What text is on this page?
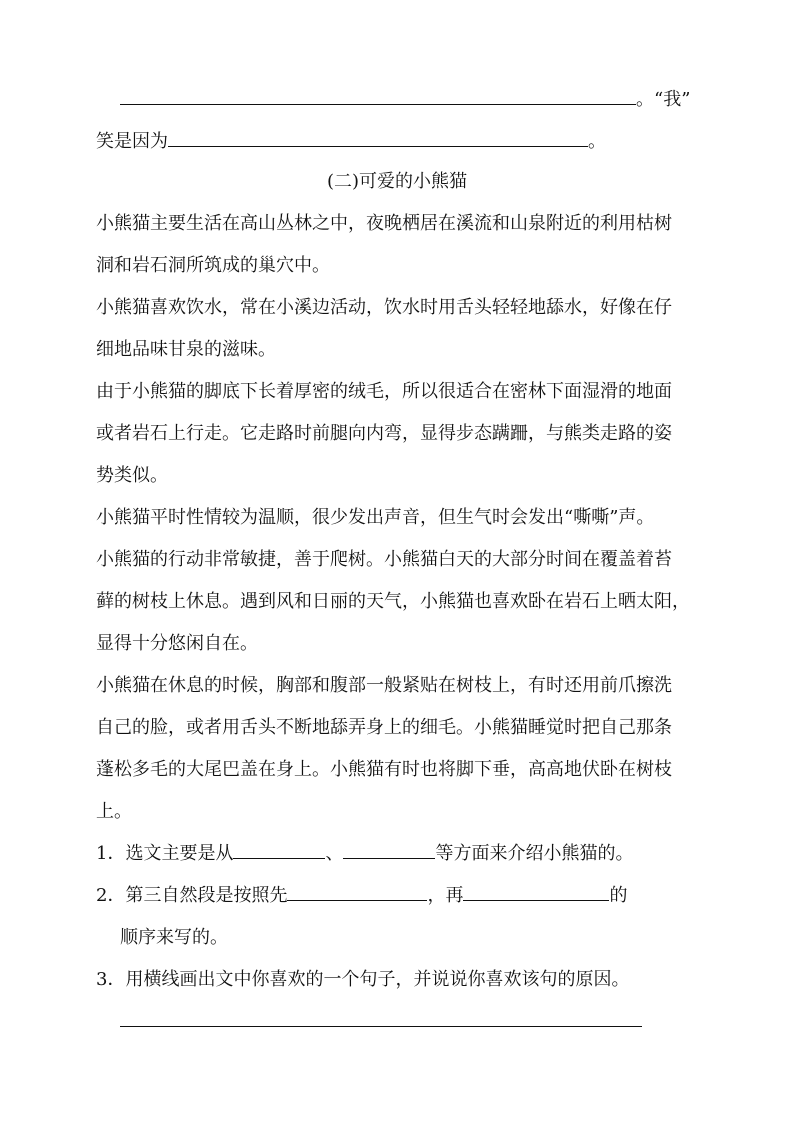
。“我”
笑是因为	。
(二)可爱的小熊猫
小熊猫主要生活在高山丛林之中，夜晚栖居在溪流和山泉附近的利用枯树
洞和岩石洞所筑成的巢穴中。
小熊猫喜欢饮水，常在小溪边活动，饮水时用舌头轻轻地舔水，好像在仔
细地品味甘泉的滋味。
由于小熊猫的脚底下长着厚密的绒毛，所以很适合在密林下面湿滑的地面
或者岩石上行走。它走路时前腿向内弯，显得步态蹒跚，与熊类走路的姿
势类似。
小熊猫平时性情较为温顺，很少发出声音，但生气时会发出“嘶嘶”声。
小熊猫的行动非常敏捷，善于爬树。小熊猫白天的大部分时间在覆盖着苔
藓的树枝上休息。遇到风和日丽的天气，小熊猫也喜欢卧在岩石上晒太阳，
显得十分悠闲自在。
小熊猫在休息的时候，胸部和腹部一般紧贴在树枝上，有时还用前爪擦洗
自己的脸，或者用舌头不断地舔弄身上的细毛。小熊猫睡觉时把自己那条
蓬松多毛的大尾巴盖在身上。小熊猫有时也将脚下垂，高高地伏卧在树枝
上。
1．选文主要是从	、	等方面来介绍小熊猫的。
2．第三自然段是按照先	，再	的
顺序来写的。
3．用横线画出文中你喜欢的一个句子，并说说你喜欢该句的原因。
